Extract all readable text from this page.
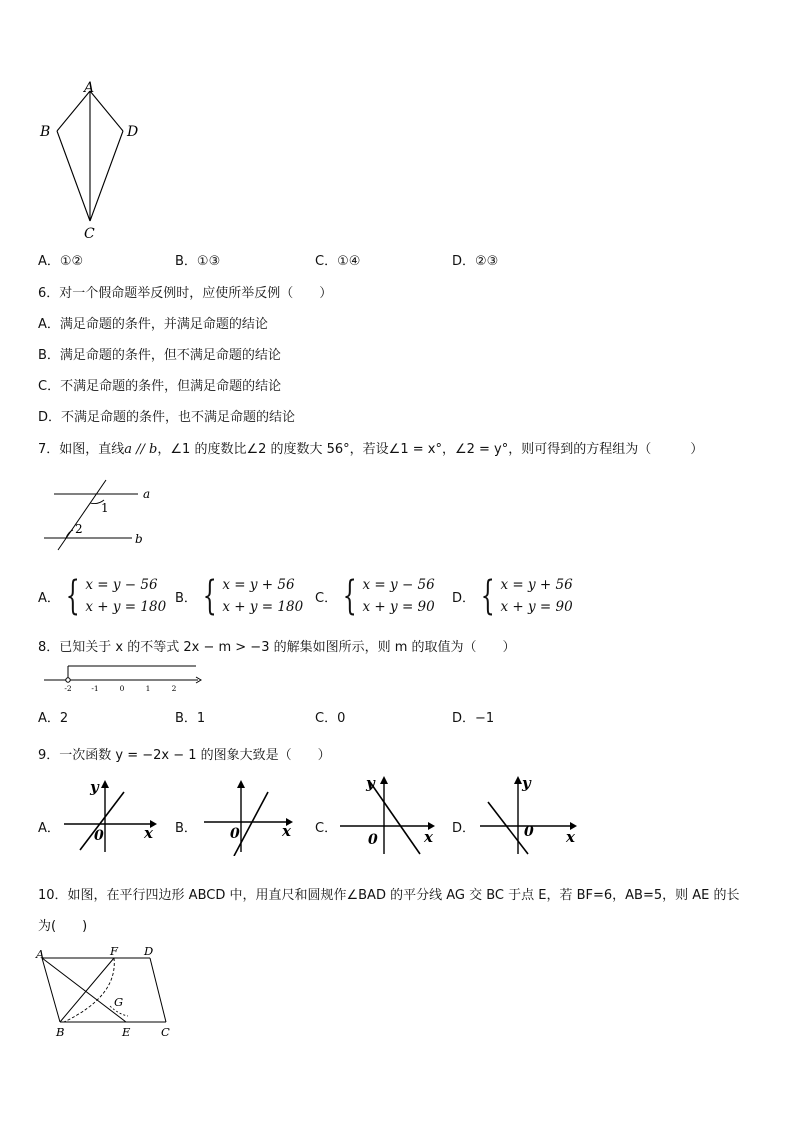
A
B	D
C
A．①②	B．①③	C．①④	D．②③
6．对一个假命题举反例时，应使所举反例（　　）
A．满足命题的条件，并满足命题的结论
B．满足命题的条件，但不满足命题的结论
C．不满足命题的条件，但满足命题的结论
D．不满足命题的条件，也不满足命题的结论
7．如图，直线a // b，∠1 的度数比∠2 的度数大 56°，若设∠1 = x°，∠2 = y°，则可得到的方程组为（　　　）
a
b
1
2
A． { x = y − 56
x + y = 180
B． { x = y + 56
x + y = 180
C． { x = y − 56
x + y = 90
D． { x = y + 56
x + y = 90
8．已知关于 x 的不等式 2x − m > −3 的解集如图所示，则 m 的取值为（　　）
-2	-1	0	1	2
A．2	B．1	C．0	D．−1
9．一次函数 y = −2x − 1 的图象大致是（　　）
A．
y
x
0	B．	x
0	C．
y
x
0
D．
y
x
0
10．如图，在平行四边形 ABCD 中，用直尺和圆规作∠BAD 的平分线 AG 交 BC 于点 E，若 BF=6，AB=5，则 AE 的长
为(　　)
A	F D
G
B	E	C
